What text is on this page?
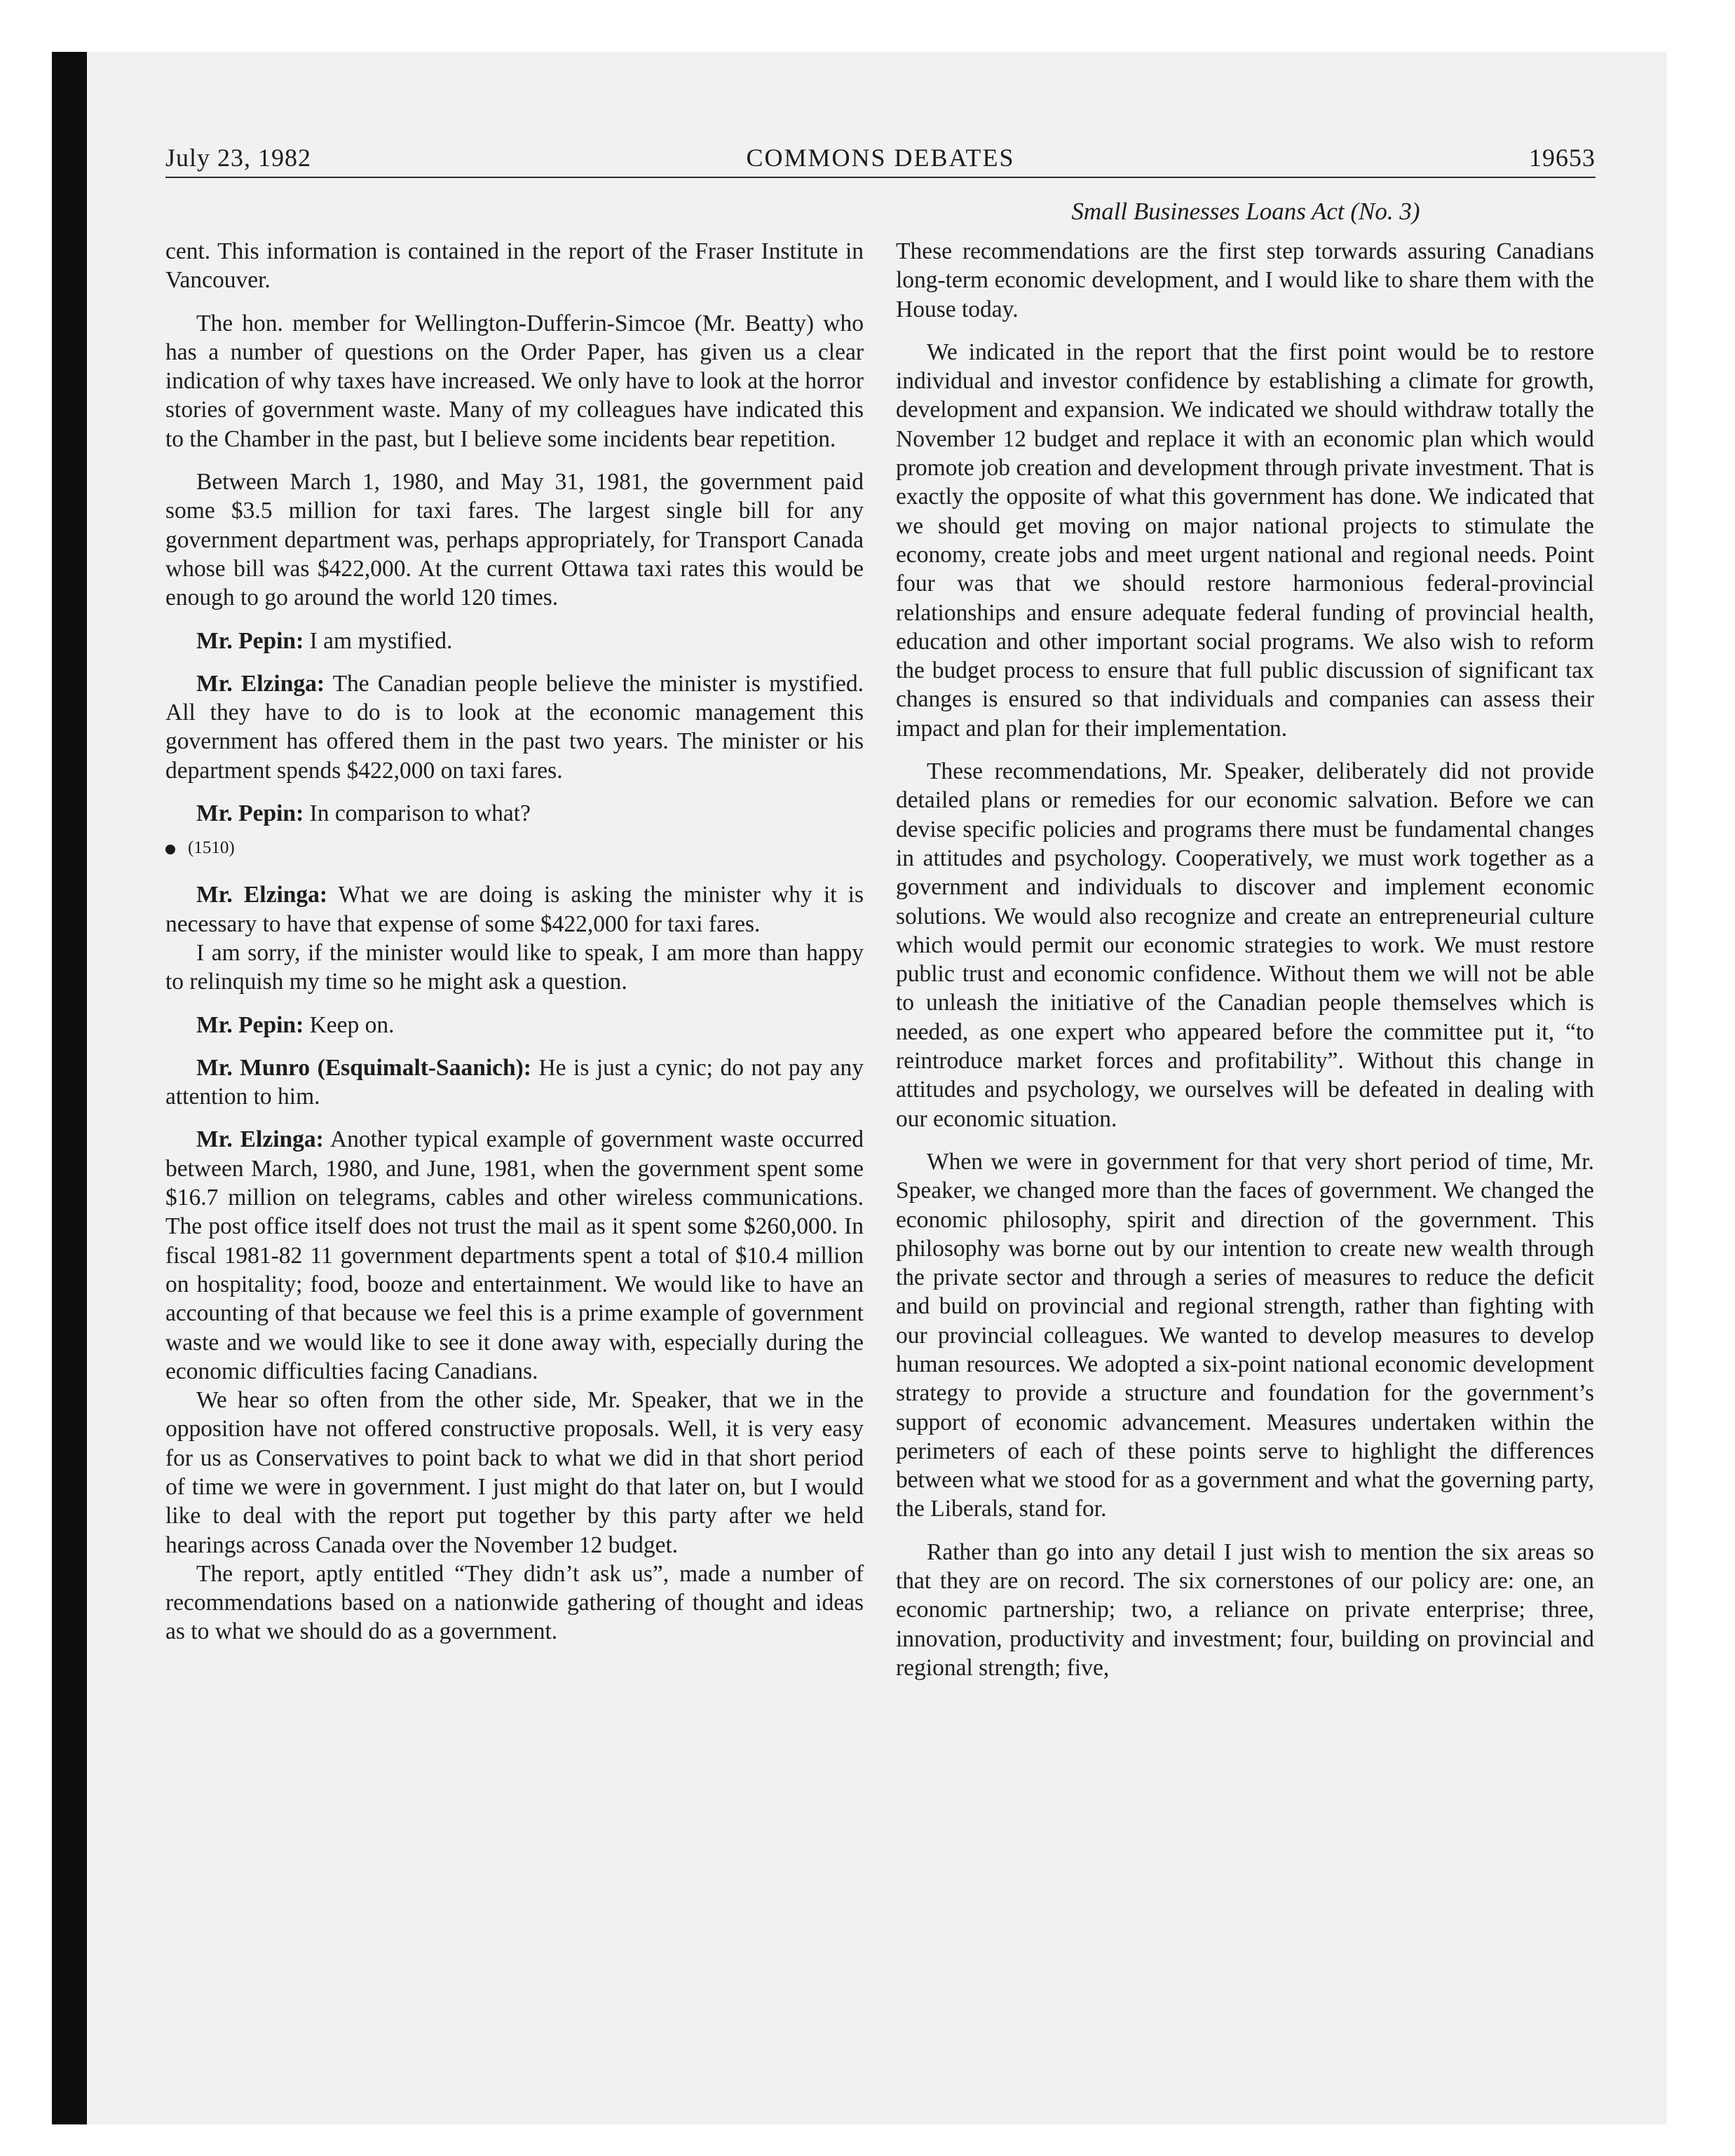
July 23, 1982	COMMONS DEBATES	19653
Small Businesses Loans Act (No. 3)

cent. This information is contained in the report of the Fraser Institute in Vancouver.

The hon. member for Wellington-Dufferin-Simcoe (Mr. Beatty) who has a number of questions on the Order Paper, has given us a clear indication of why taxes have increased. We only have to look at the horror stories of government waste. Many of my colleagues have indicated this to the Chamber in the past, but I believe some incidents bear repetition.

Between March 1, 1980, and May 31, 1981, the government paid some $3.5 million for taxi fares. The largest single bill for any government department was, perhaps appropriately, for Transport Canada whose bill was $422,000. At the current Ottawa taxi rates this would be enough to go around the world 120 times.

Mr. Pepin: I am mystified.

Mr. Elzinga: The Canadian people believe the minister is mystified. All they have to do is to look at the economic management this government has offered them in the past two years. The minister or his department spends $422,000 on taxi fares.

Mr. Pepin: In comparison to what?

(1510)

Mr. Elzinga: What we are doing is asking the minister why it is necessary to have that expense of some $422,000 for taxi fares.

I am sorry, if the minister would like to speak, I am more than happy to relinquish my time so he might ask a question.

Mr. Pepin: Keep on.

Mr. Munro (Esquimalt-Saanich): He is just a cynic; do not pay any attention to him.

Mr. Elzinga: Another typical example of government waste occurred between March, 1980, and June, 1981, when the government spent some $16.7 million on telegrams, cables and other wireless communications. The post office itself does not trust the mail as it spent some $260,000. In fiscal 1981-82 11 government departments spent a total of $10.4 million on hospitality; food, booze and entertainment. We would like to have an accounting of that because we feel this is a prime example of government waste and we would like to see it done away with, especially during the economic difficulties facing Canadians.

We hear so often from the other side, Mr. Speaker, that we in the opposition have not offered constructive proposals. Well, it is very easy for us as Conservatives to point back to what we did in that short period of time we were in government. I just might do that later on, but I would like to deal with the report put together by this party after we held hearings across Canada over the November 12 budget.

The report, aptly entitled “They didn’t ask us”, made a number of recommendations based on a nationwide gathering of thought and ideas as to what we should do as a government.

These recommendations are the first step torwards assuring Canadians long-term economic development, and I would like to share them with the House today.

We indicated in the report that the first point would be to restore individual and investor confidence by establishing a climate for growth, development and expansion. We indicated we should withdraw totally the November 12 budget and replace it with an economic plan which would promote job creation and development through private investment. That is exactly the opposite of what this government has done. We indicated that we should get moving on major national projects to stimulate the economy, create jobs and meet urgent national and regional needs. Point four was that we should restore harmonious federal-provincial relationships and ensure adequate federal funding of provincial health, education and other important social programs. We also wish to reform the budget process to ensure that full public discussion of significant tax changes is ensured so that individuals and companies can assess their impact and plan for their implementation.

These recommendations, Mr. Speaker, deliberately did not provide detailed plans or remedies for our economic salvation. Before we can devise specific policies and programs there must be fundamental changes in attitudes and psychology. Cooperatively, we must work together as a government and individuals to discover and implement economic solutions. We would also recognize and create an entrepreneurial culture which would permit our economic strategies to work. We must restore public trust and economic confidence. Without them we will not be able to unleash the initiative of the Canadian people themselves which is needed, as one expert who appeared before the committee put it, “to reintroduce market forces and profitability”. Without this change in attitudes and psychology, we ourselves will be defeated in dealing with our economic situation.

When we were in government for that very short period of time, Mr. Speaker, we changed more than the faces of government. We changed the economic philosophy, spirit and direction of the government. This philosophy was borne out by our intention to create new wealth through the private sector and through a series of measures to reduce the deficit and build on provincial and regional strength, rather than fighting with our provincial colleagues. We wanted to develop measures to develop human resources. We adopted a six-point national economic development strategy to provide a structure and foundation for the government’s support of economic advancement. Measures undertaken within the perimeters of each of these points serve to highlight the differences between what we stood for as a government and what the governing party, the Liberals, stand for.

Rather than go into any detail I just wish to mention the six areas so that they are on record. The six cornerstones of our policy are: one, an economic partnership; two, a reliance on private enterprise; three, innovation, productivity and investment; four, building on provincial and regional strength; five,
